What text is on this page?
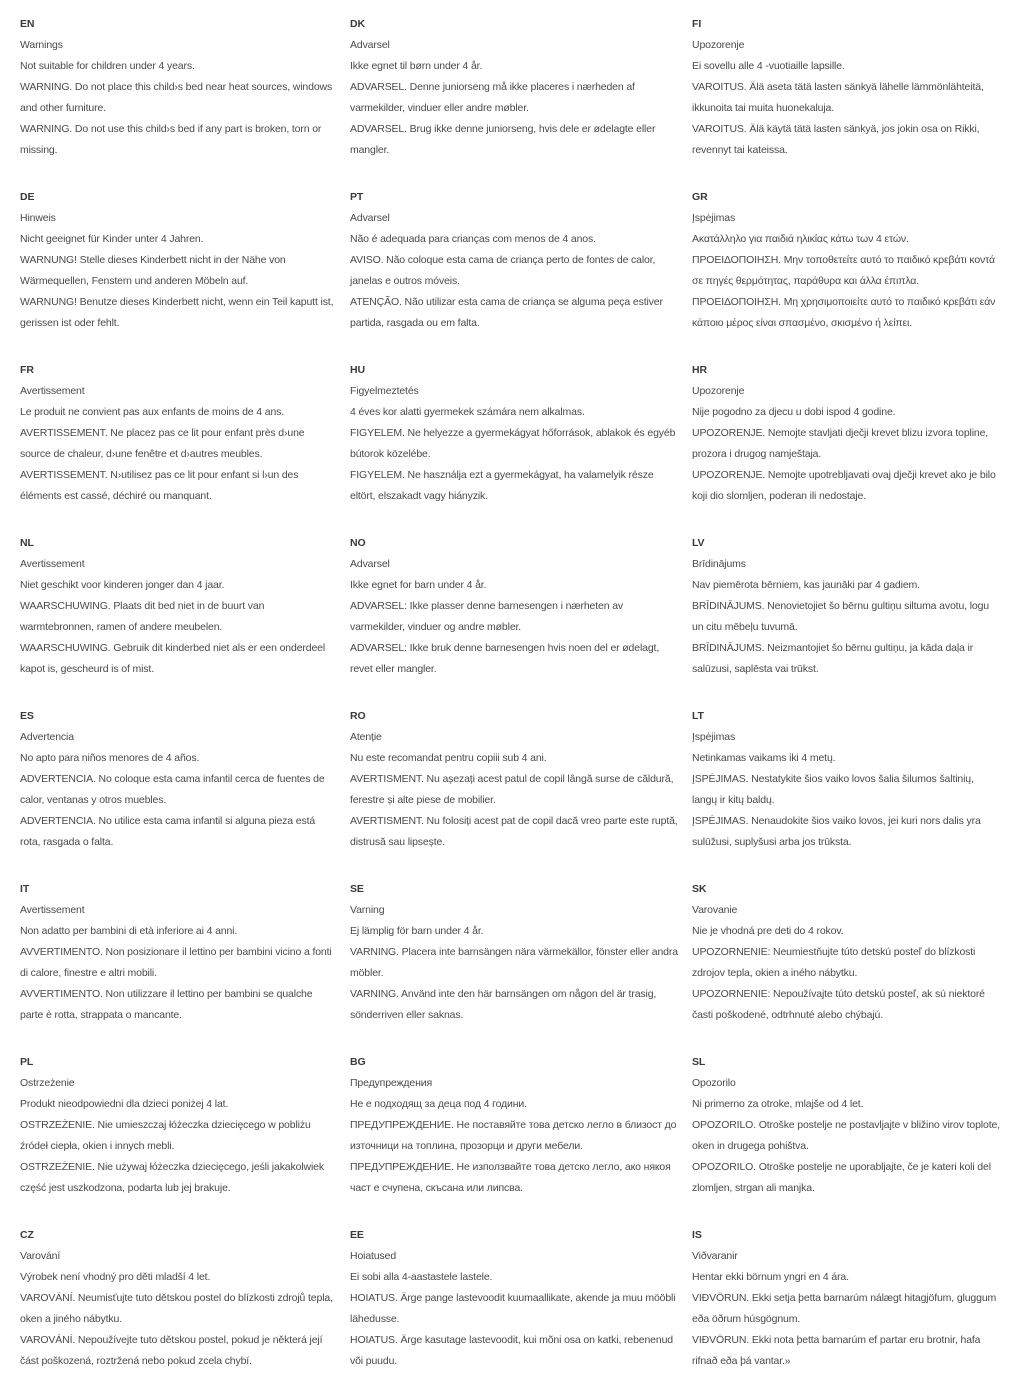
EN
Warnings
Not suitable for children under 4 years.
WARNING. Do not place this child›s bed near heat sources, windows and other furniture.
WARNING. Do not use this child›s bed if any part is broken, torn or missing.
DE
Hinweis
Nicht geeignet für Kinder unter 4 Jahren.
WARNUNG! Stelle dieses Kinderbett nicht in der Nähe von Wärmequellen, Fenstern und anderen Möbeln auf.
WARNUNG! Benutze dieses Kinderbett nicht, wenn ein Teil kaputt ist, gerissen ist oder fehlt.
FR
Avertissement
Le produit ne convient pas aux enfants de moins de 4 ans.
AVERTISSEMENT. Ne placez pas ce lit pour enfant près d›une source de chaleur, d›une fenêtre et d›autres meubles.
AVERTISSEMENT. N›utilisez pas ce lit pour enfant si l›un des éléments est cassé, déchiré ou manquant.
NL
Avertissement
Niet geschikt voor kinderen jonger dan 4 jaar.
WAARSCHUWING. Plaats dit bed niet in de buurt van warmtebronnen, ramen of andere meubelen.
WAARSCHUWING. Gebruik dit kinderbed niet als er een onderdeel kapot is, gescheurd is of mist.
ES
Advertencia
No apto para niños menores de 4 años.
ADVERTENCIA. No coloque esta cama infantil cerca de fuentes de calor, ventanas y otros muebles.
ADVERTENCIA. No utilice esta cama infantil si alguna pieza está rota, rasgada o falta.
IT
Avertissement
Non adatto per bambini di età inferiore ai 4 anni.
AVVERTIMENTO. Non posizionare il lettino per bambini vicino a fonti di calore, finestre e altri mobili.
AVVERTIMENTO. Non utilizzare il lettino per bambini se qualche parte è rotta, strappata o mancante.
PL
Ostrzeżenie
Produkt nieodpowiedni dla dzieci poniżej 4 lat.
OSTRZEŻENIE. Nie umieszczaj łóżeczka dziecięcego w pobliżu źródeł ciepła, okien i innych mebli.
OSTRZEŻENIE. Nie używaj łóżeczka dziecięcego, jeśli jakakolwiek część jest uszkodzona, podarta lub jej brakuje.
CZ
Varování
Výrobek není vhodný pro děti mladší 4 let.
VAROVÁNÍ. Neumisťujte tuto dětskou postel do blízkosti zdrojů tepla, oken a jiného nábytku.
VAROVÁNÍ. Nepoužívejte tuto dětskou postel, pokud je některá její část poškozená, roztržená nebo pokud zcela chybí.
DK
Advarsel
Ikke egnet til børn under 4 år.
ADVARSEL. Denne juniorseng må ikke placeres i nærheden af varmekilder, vinduer eller andre møbler.
ADVARSEL. Brug ikke denne juniorseng, hvis dele er ødelagte eller mangler.
PT
Advarsel
Não é adequada para crianças com menos de 4 anos.
AVISO. Não coloque esta cama de criança perto de fontes de calor, janelas e outros móveis.
ATENÇÃO. Não utilizar esta cama de criança se alguma peça estiver partida, rasgada ou em falta.
HU
Figyelmeztetés
4 éves kor alatti gyermekek számára nem alkalmas.
FIGYELEM. Ne helyezze a gyermekágyat hőforrások, ablakok és egyéb bútorok közelébe.
FIGYELEM. Ne használja ezt a gyermekágyat, ha valamelyik része eltört, elszakadt vagy hiányzik.
NO
Advarsel
Ikke egnet for barn under 4 år.
ADVARSEL: Ikke plasser denne barnesengen i nærheten av varmekilder, vinduer og andre møbler.
ADVARSEL: Ikke bruk denne barnesengen hvis noen del er ødelagt, revet eller mangler.
RO
Atenție
Nu este recomandat pentru copiii sub 4 ani.
AVERTISMENT. Nu așezați acest patul de copil lângă surse de căldură, ferestre și alte piese de mobilier.
AVERTISMENT. Nu folosiți acest pat de copil dacă vreo parte este ruptă, distrusă sau lipsește.
SE
Varning
Ej lämplig för barn under 4 år.
VARNING. Placera inte barnsängen nära värmekällor, fönster eller andra möbler.
VARNING. Använd inte den här barnsängen om någon del är trasig, sönderriven eller saknas.
BG
Предупреждения
Не е подходящ за деца под 4 години.
ПРЕДУПРЕЖДЕНИЕ. Не поставяйте това детско легло в близост до източници на топлина, прозорци и други мебели.
ПРЕДУПРЕЖДЕНИЕ. Не използвайте това детско легло, ако някоя част е счупена, скъсана или липсва.
EE
Hoiatused
Ei sobi alla 4-aastastele lastele.
HOIATUS. Ärge pange lastevoodit kuumaallikate, akende ja muu mööbli lähedusse.
HOIATUS. Ärge kasutage lastevoodit, kui mõni osa on katki, rebenenud või puudu.
FI
Upozorenje
Ei sovellu alle 4 -vuotiaille lapsille.
VAROITUS. Älä aseta tätä lasten sänkyä lähelle lämmönlähteitä, ikkunoita tai muita huonekaluja.
VAROITUS. Älä käytä tätä lasten sänkyä, jos jokin osa on Rikki, revennyt tai kateissa.
GR
Įspėjimas
Ακατάλληλο για παιδιά ηλικίας κάτω των 4 ετών.
ΠΡΟΕΙΔΟΠΟΙΗΣΗ. Μην τοποθετείτε αυτό το παιδικό κρεβάτι κοντά σε πηγές θερμότητας, παράθυρα και άλλα έπιπλα.
ΠΡΟΕΙΔΟΠΟΙΗΣΗ. Μη χρησιμοποιείτε αυτό το παιδικό κρεβάτι εάν κάποιο μέρος είναι σπασμένο, σκισμένο ή λείπει.
HR
Upozorenje
Nije pogodno za djecu u dobi ispod 4 godine.
UPOZORENJE. Nemojte stavljati dječji krevet blizu izvora topline, prozora i drugog namještaja.
UPOZORENJE. Nemojte upotrebljavati ovaj dječji krevet ako je bilo koji dio slomljen, poderan ili nedostaje.
LV
Brīdinājums
Nav piemērota bērniem, kas jaunāki par 4 gadiem.
BRĪDINĀJUMS. Nenovietojiet šo bērnu gultiņu siltuma avotu, logu un citu mēbeļu tuvumā.
BRĪDINĀJUMS. Neizmantojiet šo bērnu gultiņu, ja kāda daļa ir salūzusi, saplēsta vai trūkst.
LT
Įspėjimas
Netinkamas vaikams iki 4 metų.
ĮSPĖJIMAS. Nestatykite šios vaiko lovos šalia šilumos šaltinių, langų ir kitų baldų.
ĮSPĖJIMAS. Nenaudokite šios vaiko lovos, jei kuri nors dalis yra sulūžusi, suplyšusi arba jos trūksta.
SK
Varovanie
Nie je vhodná pre deti do 4 rokov.
UPOZORNENIE: Neumiestňujte túto detskú posteľ do blízkosti zdrojov tepla, okien a iného nábytku.
UPOZORNENIE: Nepoužívajte túto detskú posteľ, ak sú niektoré časti poškodené, odtrhnuté alebo chýbajú.
SL
Opozorilo
Ni primerno za otroke, mlajše od 4 let.
OPOZORILO. Otroške postelje ne postavljajte v bližino virov toplote, oken in drugega pohištva.
OPOZORILO. Otroške postelje ne uporabljajte, če je kateri koli del zlomljen, strgan ali manjka.
IS
Viðvaranir
Hentar ekki börnum yngri en 4 ára.
VIÐVÖRUN. Ekki setja þetta barnarúm nálægt hitagjöfum, gluggum eða öðrum húsgögnum.
VIÐVÖRUN. Ekki nota þetta barnarúm ef partar eru brotnir, hafa rifnað eða þá vantar.»
